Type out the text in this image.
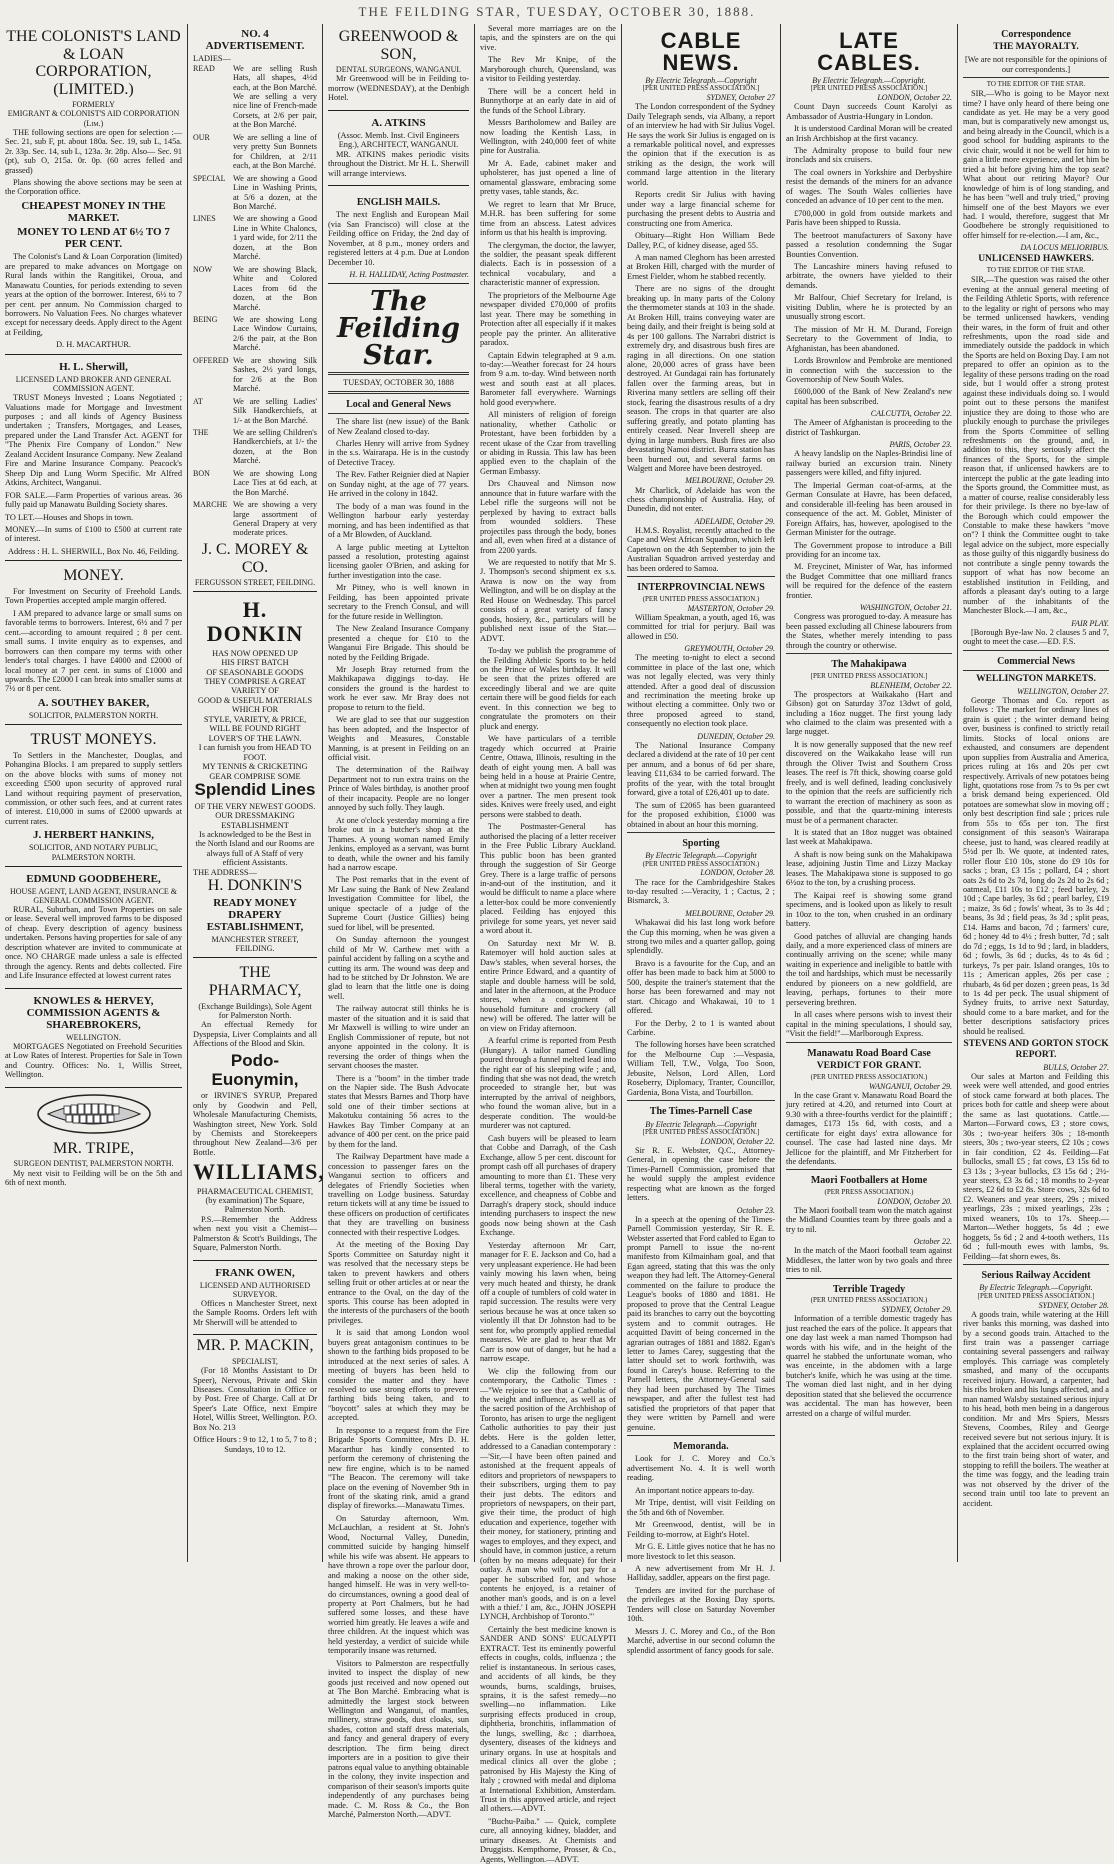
THE FEILDING STAR, TUESDAY, OCTOBER 30, 1888.
THE COLONIST'S LAND & LOAN CORPORATION, (LIMITED.)
FORMERLY
EMIGRANT & COLONIST'S AID CORPORATION (Lim.)

THE following sections are open for selection :— Sec. 21, sub F, pt. about 180a. Sec. 19, sub L, 145a. 2r. 33p. Sec. 14, sub L, 123a. 3r. 28p. Also— Sec. 91 (pt), sub O, 215a. 0r. 0p. (60 acres felled and grassed)

Plans showing the above sections may be seen at the Corporation office.

CHEAPEST MONEY IN THE MARKET.
MONEY TO LEND AT 6½ TO 7 PER CENT.

The Colonist's Land & Loan Corporation (limited) are prepared to make advances on Mortgage on Rural lands within the Rangitikei, Oroua, and Manawatu Counties, for periods extending to seven years at the option of the borrower. Interest, 6½ to 7 per cent. per annum. No Commission charged to borrowers. No Valuation Fees. No charges whatever except for necessary deeds. Apply direct to the Agent at Feilding,

D. H. MACARTHUR.
H. L. Sherwill,
LICENSED LAND BROKER AND GENERAL COMMISSION AGENT.

TRUST Moneys Invested ; Loans Negotiated ; Valuations made for Mortgage and Investment purposes ; and all kinds of Agency Business undertaken ; Transfers, Mortgages, and Leases, prepared under the Land Transfer Act. AGENT for "The Phenix Fire Company of London." New Zealand Accident Insurance Company. New Zealand Fire and Marine Insurance Company. Peacock's Sheep Dip and Lung Worm Specific. Mr Alfred Atkins, Architect, Wanganui.

FOR SALE.—Farm Properties of various areas. 36 fully paid up Manawatu Building Society shares.

TO LET.—Houses and Shops in town.

MONEY.—In sums of £100 to £500 at current rate of interest.

Address : H. L. SHERWILL, Box No. 46, Feilding.
MONEY.

For Investment on Security of Freehold Lands. Town Properties accepted ample margin offered.

I AM prepared to advance large or small sums on favorable terms to borrowers. Interest, 6½ and 7 per cent.—according to amount required ; 8 per cent. small sums. I invite enquiry as to expenses, and borrowers can then compare my terms with other lender's total charges. I have £4000 and £2000 of local money at 7 per cent. in sums of £1000 and upwards. The £2000 I can break into smaller sums at 7½ or 8 per cent.

A. SOUTHEY BAKER,
SOLICITOR, PALMERSTON NORTH.
TRUST MONEYS.

To Settlers in the Manchester, Douglas, and Pohangina Blocks. I am prepared to supply settlers on the above blocks with sums of money not exceeding £500 upon security of approved rural Land without requiring payment of preservation, commission, or other such fees, and at current rates of interest. £10,000 in sums of £2000 upwards at current rates.

J. HERBERT HANKINS,
SOLICITOR, AND NOTARY PUBLIC, PALMERSTON NORTH.
EDMUND GOODBEHERE,
HOUSE AGENT, LAND AGENT, INSURANCE & GENERAL COMMISSION AGENT.

RURAL, Suburban, and Town Properties on sale or lease. Several well improved farms to be disposed of cheap. Every description of agency business undertaken. Persons having properties for sale of any description whatever are invited to communicate at once. NO CHARGE made unless a sale is effected through the agency. Rents and debts collected. Fire and Life Insurance effected at lowest current rates

KNOWLES & HERVEY, COMMISSION AGENTS & SHAREBROKERS,
WELLINGTON.

MORTGAGES Negotiated on Freehold Securities at Low Rates of Interest. Properties for Sale in Town and Country. Offices: No. 1, Willis Street, Wellington.

MR. TRIPE,
SURGEON DENTIST, PALMERSTON NORTH.

My next visit to Feilding will be on the 5th and 6th of next month.

NO. 4 ADVERTISEMENT.
LADIES—
READ	We are selling Rush Hats, all shapes, 4½d each, at the Bon Marché. We are selling a very nice line of French-made Corsets, at 2/6 per pair, at the Bon Marché.
OUR	We are selling a line of very pretty Sun Bonnets for Children, at 2/11 each, at the Bon Marché.
SPECIAL We are showing a Good Line in Washing Prints, at 5/6 a dozen, at the Bon Marché.
LINES	We are showing a Good Line in White Chaloncs, 1 yard wide, for 2/11 the dozen, at the Bon Marché.
NOW	We are showing Black, White and Colored Laces from 6d the dozen, at the Bon Marché.
BEING	We are showing Long Lace Window Curtains, 2/6 the pair, at the Bon Marché.
OFFERED We are showing Silk Sashes, 2½ yard longs, for 2/6 at the Bon Marché.
AT	We are selling Ladies' Silk Handkerchiefs, at 1/- at the Bon Marché.
THE	We are selling Children's Handkerchiefs, at 1/- the dozen, at the Bon Marché.
BON	We are showing Long Lace Ties at 6d each, at the Bon Marché.
MARCHE We are showing a very large assortment of General Drapery at very moderate prices.
J. C. MOREY & CO.
FERGUSSON STREET, FEILDING.
H. DONKIN
HAS NOW OPENED UP
HIS FIRST BATCH
OF SEASONABLE GOODS
THEY COMPRISE A GREAT
VARIETY OF
GOOD & USEFUL MATERIALS
WHICH FOR
STYLE, VARIETY, & PRICE,
WILL BE FOUND RIGHT
LOVER'S OF THE LAWN.
I can furnish you from HEAD TO FOOT.
MY TENNIS & CRICKETING
GEAR COMPRISE SOME
Splendid Lines
OF THE VERY NEWEST GOODS.
OUR DRESSMAKING ESTABLISHMENT
Is acknowledged to be the Best in the North Island and our Rooms are always full of A Staff of very efficient Assistants.
THE ADDRESS—
H. DONKIN'S
READY MONEY DRAPERY ESTABLISHMENT,
MANCHESTER STREET, FEILDING.
THE PHARMACY,
(Exchange Buildings), Sole Agent for Palmerston North.

An effectual Remedy for Dyspepsia, Liver Complaints and all Affections of the Blood and Skin.

Podo-Euonymin,

or IRVINE'S SYRUP, Prepared only by Goodwin and Pell, Wholesale Manufacturing Chemists, Washington street, New York. Sold by Chemists and Storekeepers throughout New Zealand—3/6 per Bottle.

WILLIAMS,
PHARMACEUTICAL CHEMIST, (by examination) The Square, Palmerston North.

P.S.—Remember the Address when next you visit a Chemist—Palmerston & Scott's Buildings, The Square, Palmerston North.

FRANK OWEN,
LICENSED AND AUTHORISED SURVEYOR.

Offices n Manchester Street, next the Sample Rooms. Orders left with Mr Sherwill will be attended to

MR. P. MACKIN,
SPECIALIST,

(For 18 Months Assistant to Dr Speer), Nervous, Private and Skin Diseases. Consultation in Office or by Post. Free of Charge. Call at Dr Speer's Late Office, next Empire Hotel, Willis Street, Wellington. P.O. Box No. 213

Office Hours : 9 to 12, 1 to 5, 7 to 8 ; Sundays, 10 to 12.
GREENWOOD & SON,
DENTAL SURGEONS, WANGANUI.

Mr Greenwood will be in Feilding to-morrow (WEDNESDAY), at the Denbigh Hotel.

A. ATKINS
(Assoc. Memb. Inst. Civil Engineers Eng.), ARCHITECT, WANGANUI.

MR. ATKINS makes periodic visits throughout the District. Mr H. L. Sherwill will arrange interviews.

ENGLISH MAILS.

The next English and European Mail (via San Francisco) will close at the Feilding office on Friday, the 2nd day of November, at 8 p.m., money orders and registered letters at 4 p.m. Due at London December 10.

H. H. HALLIDAY, Acting Postmaster.
The Feilding Star.
TUESDAY, OCTOBER 30, 1888
Local and General News

The share list (new issue) of the Bank of New Zealand closed to-day.

Charles Henry will arrive from Sydney in the s.s. Wairarapa. He is in the custody of Detective Tracey.

The Rev. Father Reignier died at Napier on Sunday night, at the age of 77 years. He arrived in the colony in 1842.

The body of a man was found in the Wellington harbour early yesterday morning, and has been indentified as that of a Mr Blowden, of Auckland.

A large public meeting at Lyttelton passed a resolution, protesting against licensing gaoler O'Brien, and asking for further investigation into the case.

Mr Pitney, who is well known in Feilding, has been appointed private secretary to the French Consul, and will for the future reside in Wellington.

The New Zealand Insurance Company presented a cheque for £10 to the Wanganui Fire Brigade. This should be noted by the Feilding Brigade.

Mr Joseph Bray returned from the Makhikapawa diggings to-day. He considers the ground is the hardest to work he ever saw. Mr Bray does not propose to return to the field.

We are glad to see that our suggestion has been adopted, and the Inspector of Weights and Measures, Constable Manning, is at present in Feilding on an official visit.

The determination of the Railway Department not to run extra trains on the Prince of Wales birthday, is another proof of their incapacity. People are no longer annoyed by such folly. They laugh.

At one o'clock yesterday morning a fire broke out in a butcher's shop at the Thames. A young woman named Emily Jenkins, employed as a servant, was burnt to death, while the owner and his family had a narrow escape.

The Post remarks that in the event of Mr Law suing the Bank of New Zealand Investigation Committee for libel, the unique spectacle of a judge of the Supreme Court (Justice Gillies) being sued for libel, will be presented.

On Sunday afternoon the youngest child of Mr W. Carthew met with a painful accident by falling on a scythe and cutting its arm. The wound was deep and had to be stitched by Dr Johnston. We are glad to learn that the little one is doing well.

The railway autocrat still thinks he is master of the situation and it is said that Mr Maxwell is willing to wire under an English Commissioner of repute, but not anyone appointed in the colony. It is reversing the order of things when the servant chooses the master.

There is a "boom" in the timber trade on the Napier side. The Bush Advocate states that Messrs Barnes and Thorp have sold one of their timber sections at Makotuku containing 56 acres to the Hawkes Bay Timber Company at an advance of 400 per cent. on the price paid by them for the land.

The Railway Department have made a concession to passenger fares on the Wanganui section to officers and delegates of Friendly Societies when travelling on Lodge business. Saturday return tickets will at any time be issued to these officers on production of certificates that they are travelling on business connected with their respective Lodges.

At the meeting of the Boxing Day Sports Committee on Saturday night it was resolved that the necessary steps be taken to prevent hawkers and others selling fruit or other articles at or near the entrance to the Oval, on the day of the sports. This course has been adopted in the interests of the purchasers of the booth privileges.

It is said that among London wool buyers great antagonism continues to be shown to the farthing bids proposed to be introduced at the next series of sales. A meeting of buyers has been held to consider the matter and they have resolved to use strong efforts to prevent farthing bids being taken, and to "boycott" sales at which they may be accepted.

In response to a request from the Fire Brigade Sports Committee, Mrs D. H. Macarthur has kindly consented to perform the ceremony of christening the new fire engine, which is to be named "The Beacon. The ceremony will take place on the evening of November 9th in front of the skating rink, amid a grand display of fireworks.—Manawatu Times.

On Saturday afternoon, Wm. McLauchlan, a resident at St. John's Wood, Nocturnal Valley, Dunedin, committed suicide by hanging himself while his wife was absent. He appears to have thrown a rope over the parlour door, and making a noose on the other side, hanged himself. He was in very well-to-do circumstances, owning a good deal of property at Port Chalmers, but he had suffered some losses, and these have worried him greatly. He leaves a wife and three children. At the inquest which was held yesterday, a verdict of suicide while temporarily insane was returned.

Visitors to Palmerston are respectfully invited to inspect the display of new goods just received and now opened out at The Bon Marché. Embracing what is admittedly the largest stock between Wellington and Wanganui, of mantles, millinery, straw goods, dust cloaks, sun shades, cotton and staff dress materials, and fancy and general drapery of every description. The firm being direct importers are in a position to give their patrons equal value to anything obtainable in the colony, they invite inspection and comparison of their season's imports quite independently of any purchases being made. C. M. Ross & Co., the Bon Marché, Palmerston North.—ADVT.

Several more marriages are on the tapis, and the spinsters are on the qui vive.

The Rev Mr Knipe, of the Maryborough church, Queensland, was a visitor to Feilding yesterday.

There will be a concert held in Bunnythorpe at an early date in aid of the funds of the School Library.

Messrs Bartholomew and Bailey are now loading the Kentish Lass, in Wellington, with 240,000 feet of white pine for Australia.

Mr A. Eade, cabinet maker and upholsterer, has just opened a line of ornamental glassware, embracing some pretty vases, table stands, &c.

We regret to learn that Mr Bruce, M.H.R. has been suffering for some time from an abscess. Latest advices inform us that his health is improving.

The clergyman, the doctor, the lawyer, the soldier, the peasant speak different dialects. Each is in possession of a technical vocabulary, and a characteristic manner of expression.

The proprietors of the Melbourne Age newspaper divided £70,000 of profits last year. There may be something in Protection after all especially if it makes people pay the printer. An alliterative paradox.

Captain Edwin telegraphed at 9 a.m. to-day:—Weather forecast for 24 hours from 9 a.m. to-day. Wind between north west and south east at all places. Barometer fall everywhere. Warnings hold good everywhere.

All ministers of religion of foreign nationality, whether Catholic or Protestant, have been forbidden by a recent ukase of the Czar from travelling or abiding in Russia. This law has been applied even to the chaplain of the German Embassy.

Drs Chauveal and Nimson now announce that in future warfare with the Lebel rifle the surgeons will not be perplexed by having to extract balls from wounded soldiers. These projectiles pass through the body, bones and all, even when fired at a distance of from 2200 yards.

We are requested to notify that Mr S. J. Thompson's second shipment ex s.s. Arawa is now on the way from Wellington, and will be on display at the Red House on Wednesday. This parcel consists of a great variety of fancy goods, hosiery, &c., particulars will be published next issue of the Star.—ADVT.

To-day we publish the programme of the Feilding Athletic Sports to be held on the Prince of Wales birthday. It will be seen that the prizes offered are exceedingly liberal and we are quite certain there will be good fields for each event. In this connection we beg to congratulate the promoters on their pluck and energy.

We have particulars of a terrible tragedy which occurred at Prairie Centre, Ottawa, Illinois, resulting in the death of eight young men. A ball was being held in a house at Prairie Centre, when at midnight two young men fought over a partner. The men present took sides. Knives were freely used, and eight persons were stabbed to death.

The Postmaster-General has authorised the placing of a letter receiver in the Free Public Library Auckland. This public boon has been granted through the suggestion of Sir George Grey. There is a large traffic of persons in-and-out of the institution, and it would be difficult to name a place where a letter-box could be more conveniently placed. Feilding has enjoyed this privilege for some years, yet never said a word about it.

On Saturday next Mr W. B. Ratemoyer will hold auction sales at Daw's stables, when several horses, the entire Prince Edward, and a quantity of staple and double harness will be sold, and later in the afternoon, at the Produce stores, when a consignment of household furniture and crockery (all new) will be offered. The latter will be on view on Friday afternoon.

A fearful crime is reported from Pesth (Hungary). A tailor named Gundling poured through a funnel melted lead into the right ear of his sleeping wife ; and, finding that she was not dead, the wretch proceeded to strangle her, but was interrupted by the arrival of neighbors, who found the woman alive, but in a desperate condition. The would-be murderer was not captured.

Cash buyers will be pleased to learn that Cobbe and Darragh, of the Cash Exchange, allow 5 per cent. discount for prompt cash off all purchases of drapery amounting to more than £1. These very liberal terms, together with the variety, excellence, and cheapness of Cobbe and Darragh's drapery stock, should induce intending purchasers to inspect the new goods now being shown at the Cash Exchange.

Yesterday afternoon Mr Carr, manager for F. E. Jackson and Co, had a very unpleasant experience. He had been vainly mowing his lawn when, being very much heated and thirsty, he drank off a couple of tumblers of cold water in rapid succession. The results were very serious because he was at once taken so violently ill that Dr Johnston had to be sent for, who promptly applied remedial measures. We are glad to hear that Mr Carr is now out of danger, but he had a narrow escape.

We clip the following from our contemporary, the Catholic Times :—"We rejoice to see that a Catholic of the weight and influence, as well as of the sacred position of the Archbishop of Toronto, has arisen to urge the negligent Catholic authorities to pay their just debts. Here is the golden letter, addressed to a Canadian contemporary :—'Sir,—I have been often pained and astonished at the frequent appeals of editors and proprietors of newspapers to their subscribers, urging them to pay their just debts. The editors and proprietors of newspapers, on their part, give their time, the product of high education and experience, together with their money, for stationery, printing and wages to employes, and they expect, and should have, in common justice, a return (often by no means adequate) for their outlay. A man who will not pay for a paper he subscribed for, and whose contents he enjoyed, is a retainer of another man's goods, and is on a level with a thief.' I am, &c., JOHN JOSEPH LYNCH, Archbishop of Toronto.'"

Certainly the best medicine known is SANDER AND SONS' EUCALYPTI EXTRACT. Test its eminently powerful effects in coughs, colds, influenza ; the relief is instantaneous. In serious cases, and accidents of all kinds, be they wounds, burns, scaldings, bruises, sprains, it is the safest remedy—no swelling—no inflammation. Like surprising effects produced in croup, diphtheria, bronchitis, inflammation of the lungs, swelling, &c ; diarrhoea, dysentery, diseases of the kidneys and urinary organs. In use at hospitals and medical clinics all over the globe ; patronised by His Majesty the King of Italy ; crowned with medal and diploma at International Exhibition, Amsterdam. Trust in this approved article, and reject all others.—ADVT.

"Buchu-Paiba." — Quick, complete cure, all annoying kidney, bladder, and urinary diseases. At Chemists and Druggists. Kempthorne, Prosser, & Co., Agents, Wellington.—ADVT.

CABLE NEWS.
By Electric Telegraph.—Copyright
[PER UNITED PRESS ASSOCIATION.]
SYDNEY, October 27

The London correspondent of the Sydney Daily Telegraph sends, via Albany, a report of an interview he had with Sir Julius Vogel. He says the work Sir Julius is engaged on is a remarkable political novel, and expresses the opinion that if the execution is as striking as the design, the work will command large attention in the literary world.

Reports credit Sir Julius with having under way a large financial scheme for purchasing the present debts to Austria and constructing one from America.

Obituary—Right Hon William Bede Dalley, P.C, of kidney disease, aged 55.

A man named Cleghorn has been arrested at Broken Hill, charged with the murder of Ernest Fielder, whom he stabbed recently.

There are no signs of the drought breaking up. In many parts of the Colony the thermometer stands at 103 in the shade. At Broken Hill, trains conveying water are being daily, and their freight is being sold at 4s per 100 gallons. The Narrabri district is extremely dry, and disastrous bush fires are raging in all directions. On one station alone, 20,000 acres of grass have been destroyed. At Gundagai rain has fortunately fallen over the farming areas, but in Riverina many settlers are selling off their stock, fearing the disastrous results of a dry season. The crops in that quarter are also suffering greatly, and potato planting has entirely ceased. Near Inverell sheep are dying in large numbers. Bush fires are also devastating Namoi district. Burra station has been burned out, and several farms on Walgett and Moree have been destroyed.

MELBOURNE, October 29.

Mr Charlick, of Adelaide has won the chess championship of Australia. Hay, of Dunedin, did not enter.

ADELAIDE, October 29.

H.M.S. Royalist, recently attached to the Cape and West African Squadron, which left Capetown on the 4th September to join the Australian Squadron arrived yesterday and has been ordered to Samoa.

INTERPROVINCIAL NEWS
(PER UNITED PRESS ASSOCIATION.)
MASTERTON, October 29.

William Speakman, a youth, aged 16, was committed for trial for perjury. Bail was allowed in £50.

GREYMOUTH, October 29.

The meeting to-night to elect a second committee in place of the last one, which was not legally elected, was very thinly attended. After a good deal of discussion and recrimination the meeting broke up without electing a committee. Only two or three proposed agreed to stand, consequently no election took place.

DUNEDIN, October 29.

The National Insurance Company declared a dividend at the rate of 10 per cent per annum, and a bonus of 6d per share, leaving £11,634 to be carried forward. The profits of the year, with the total brought forward, give a total of £26,401 up to date.

The sum of £2065 has been guaranteed for the proposed exhibition, £1000 was obtained in about an hour this morning.

Sporting
By Electric Telegraph.—Copyright
(PER UNITED PRESS ASSOCIATION.)
LONDON, October 28.

The race for the Cambridgeshire Stakes to-day resulted :—Veracity, 1 ; Cactus, 2 ; Bismarck, 3.

MELBOURNE, October 29.

Whakawai did his last long work before the Cup this morning, when he was given a strong two miles and a quarter gallop, going splendidly.

Bravo is a favourite for the Cup, and an offer has been made to back him at 5000 to 500, despite the trainer's statement that the horse has been forewarned and may not start. Chicago and Whakawai, 10 to 1 offered.

For the Derby, 2 to 1 is wanted about Carbine.

The following horses have been scratched for the Melbourne Cup :—Vespasia, William Tell, T.W., Volga, Too Soon, Jebusite, Nelson, Lord Allen, Lord Roseberry, Diplomacy, Tranter, Councillor, Gardenia, Bona Vista, and Tourbillon.

The Times-Parnell Case
By Electric Telegraph.—Copyright
[PER UNITED PRESS ASSOCIATION.]
LONDON, October 22.

Sir R. E. Webster, Q.C., Attorney-General, in opening the case before the Times-Parnell Commission, promised that he would supply the amplest evidence respecting what are known as the forged letters.

October 23.

In a speech at the opening of the Times-Parnell Commission yesterday, Sir R. E. Webster asserted that Ford cabled to Egan to prompt Parnell to issue the no-rent manifesto from Kilmainham goal, and that Egan agreed, stating that this was the only weapon they had left. The Attorney-General commented on the failure to produce the League's books of 1880 and 1881. He proposed to prove that the Central League paid its branches to carry out the boycotting system and to commit outrages. He acquitted Davitt of being concerned in the agrarian outrages of 1881 and 1882. Egan's letter to James Carey, suggesting that the latter should set to work forthwith, was found in Carey's house. Referring to the Parnell letters, the Attorney-General said they had been purchased by The Times newspaper, and after the fullest test had satisfied the proprietors of that paper that they were written by Parnell and were genuine.

Memoranda.

Look for J. C. Morey and Co.'s advertisement No. 4. It is well worth reading.

An important notice appears to-day.

Mr Tripe, dentist, will visit Feilding on the 5th and 6th of November.

Mr Greenwood, dentist, will be in Feilding to-morrow, at Eight's Hotel.

Mr G. E. Little gives notice that he has no more livestock to let this season.

A new advertisement from Mr H. J. Halliday, saddler, appears on the first page.

Tenders are invited for the purchase of the privileges at the Boxing Day sports. Tenders will close on Saturday November 10th.

Messrs J. C. Morey and Co., of the Bon Marché, advertise in our second column the splendid assortment of fancy goods for sale.

LATE CABLES.
By Electric Telegraph.—Copyright.
[PER UNITED PRESS ASSOCIATION.]
LONDON, October 22.

Count Dayn succeeds Count Karolyi as Ambassador of Austria-Hungary in London.

It is understood Cardinal Moran will be created an Irish Archbishop at the first vacancy.

The Admiralty propose to build four new ironclads and six cruisers.

The coal owners in Yorkshire and Derbyshire resist the demands of the miners for an advance of wages. The South Wales collieries have conceded an advance of 10 per cent to the men.

£700,000 in gold from outside markets and Paris have been shipped to Russia.

The beetroot manufacturers of Saxony have passed a resolution condemning the Sugar Bounties Convention.

The Lancashire miners having refused to arbitrate, the owners have yielded to their demands.

Mr Balfour, Chief Secretary for Ireland, is visiting Dublin, where he is protected by an unusually strong escort.

The mission of Mr H. M. Durand, Foreign Secretary to the Government of India, to Afghanistan, has been abandoned.

Lords Brownlow and Pembroke are mentioned in connection with the succession to the Governorship of New South Wales.

£600,000 of the Bank of New Zealand's new capital has been subscribed.

CALCUTTA, October 22.

The Ameer of Afghanistan is proceeding to the district of Tashkurgan.

PARIS, October 23.

A heavy landslip on the Naples-Brindisi line of railway buried an excursion train. Ninety passengers were killed, and fifty injured.

The Imperial German coat-of-arms, at the German Consulate at Havre, has been defaced, and considerable ill-feeling has been aroused in consequence of the act. M. Goblet, Minister of Foreign Affairs, has, however, apologised to the German Minister for the outrage.

The Government propose to introduce a Bill providing for an income tax.

M. Freycinet, Minister of War, has informed the Budget Committee that one milliard francs will be required for the defence of the eastern frontier.

WASHINGTON, October 21.

Congress was prorogued to-day. A measure has been passed excluding all Chinese labourers from the States, whether merely intending to pass through the country or otherwise.

The Mahakipawa
[PER UNITED PRESS ASSOCIATION.]
BLENHEIM, October 22.

The prospectors at Waikakaho (Hart and Gibson) got on Saturday 37oz 13dwt of gold, including a 16oz nugget. The first young lady who claimed to the claim was presented with a large nugget.

It is now generally supposed that the new reef discovered on the Waikakaho lease will run through the Oliver Twist and Southern Cross leases. The reef is 7ft thick, showing coarse gold freely, and is well defined, leading conclusively to the opinion that the reefs are sufficiently rich to warrant the erection of machinery as soon as possible, and that the quartz-mining interests must be of a permanent character.

It is stated that an 18oz nugget was obtained last week at Mahakipawa.

A shaft is now being sunk on the Mahakipawa lease, adjoining Justin Time and Lizzy Mackay leases. The Mahakipawa stone is supposed to go 6½oz to the ton, by a crushing process.

The Kaipai reef is showing some grand specimens, and is looked upon as likely to result in 10oz to the ton, when crushed in an ordinary battery.

Good patches of alluvial are changing hands daily, and a more experienced class of miners are continually arriving on the scene; while many waiting in experience and ineligible to battle with the toil and hardships, which must be necessarily endured by pioneers on a new goldfield, are leaving, perhaps, fortunes to their more persevering brethren.

In all cases where persons wish to invest their capital in the mining speculations, I should say, "Visit the field!"—Marlborough Express.

Manawatu Road Board Case
VERDICT FOR GRANT.
(PER UNITED PRESS ASSOCIATION.)
WANGANUI, October 29.

In the case Grant v. Manawatu Road Board the jury retired at 4.20, and returned into Court at 9.30 with a three-fourths verdict for the plaintiff ; damages, £173 15s 6d, with costs, and a certificate for eight days' extra allowance for counsel. The case had lasted nine days. Mr Jellicoe for the plaintiff, and Mr Fitzherbert for the defendants.

Maori Footballers at Home
(PER PRESS ASSOCIATION.)
LONDON, October 20.

The Maori football team won the match against the Midland Counties team by three goals and a try to nil.

October 22.

In the match of the Maori football team against Middlesex, the latter won by two goals and three tries to nil.

Terrible Tragedy
(PER UNITED PRESS ASSOCIATION.)
SYDNEY, October 29.

Information of a terrible domestic tragedy has just reached the ears of the police. It appears that one day last week a man named Thompson had words with his wife, and in the height of the quarrel he stabbed the unfortunate woman, who was enceinte, in the abdomen with a large butcher's knife, which he was using at the time. The woman died last night, and in her dying deposition stated that she believed the occurrence was accidental. The man has however, been arrested on a charge of wilful murder.

Correspondence
THE MAYORALTY.
[We are not responsible for the opinions of our correspondents.]
TO THE EDITOR OF THE STAR.

SIR,—Who is going to be Mayor next time? I have only heard of there being one candidate as yet. He may be a very good man, but is comparatively new amongst us, and being already in the Council, which is a good school for budding aspirants to the civic chair, would it not be well for him to gain a little more experience, and let him be tried a bit before giving him the top seat? What about our retiring Mayor? Our knowledge of him is of long standing, and he has been "well and truly tried," proving himself one of the best Mayors we ever had. I would, therefore, suggest that Mr Goodbehere be strongly requisitioned to offer himself for re-election.—I am, &c.,

DA LOCUS MELIORIBUS.
UNLICENSED HAWKERS.
TO THE EDITOR OF THE STAR.

SIR,—The question was raised the other evening at the annual general meeting of the Feilding Athletic Sports, with reference to the legality or right of persons who may be termed unlicensed hawkers, vending their wares, in the form of fruit and other refreshments, upon the road side and immediately outside the paddock in which the Sports are held on Boxing Day. I am not prepared to offer an opinion as to the legality of these persons trading on the road side, but I would offer a strong protest against these individuals doing so. I would point out to these persons the manifest injustice they are doing to those who are pluckily enough to purchase the privileges from the Sports Committee of selling refreshments on the ground, and, in addition to this, they seriously affect the finances of the Sports, for the simple reason that, if unlicensed hawkers are to intercept the public at the gate leading into the Sports ground, the Committee must, as a matter of course, realise considerably less for their privilege. Is there no bye-law of the Borough which could empower the Constable to make these hawkers "move on"? I think the Committee ought to take legal advice on the subject, more especially as those guilty of this niggardly business do not contribute a single penny towards the support of what has now become an established institution in Feilding, and affords a pleasant day's outing to a large number of the inhabitants of the Manchester Block.—I am, &c.,

FAIR PLAY.

[Borough Bye-law No. 2 clauses 5 and 7, ought to meet the case.—ED. F.S.

Commercial News
WELLINGTON MARKETS.
WELLINGTON, October 27.

George Thomas and Co. report as follows : The market for ordinary lines of grain is quiet ; the winter demand being over, business is confined to strictly retail limits. Stocks of local onions are exhausted, and consumers are dependent upon supplies from Australia and America, prices ruling at 16s and 20s per cwt respectively. Arrivals of new potatoes being light, quotations rose from 7s to 9s per cwt a brisk demand being experienced. Old potatoes are somewhat slow in moving off ; only best description find sale ; prices rule from 55s to 65s per ton. The first consignment of this season's Wairarapa cheese, just to hand, was cleared readily at 5½d per lb. We quote, at indented rates, roller flour £10 10s, stone do £9 10s for sacks ; bran, £3 15s ; pollard, £4 ; short oats 2s 6d to 2s 7d, long do 2s 2d to 2s 6d ; oatmeal, £11 10s to £12 ; feed barley, 2s 10d ; Cape barley, 3s 6d ; pearl barley, £19 ; maize, 3s 6d ; fowls' wheat, 3s to 3s 4d ; beans, 3s 3d ; field peas, 3s 3d ; split peas, £14. Hams and bacon, 7d ; farmers' cure, 6d ; honey 4d to 4½ ; fresh butter, 7d ; salt do 7d ; eggs, 1s 1d to 9d ; lard, in bladders, 6d ; fowls, 3s 6d ; ducks, 4s to 4s 6d ; turkeys, 7s per pair. Island oranges, 10s to 11s ; American apples, 26s per case ; rhubarb, 4s 6d per dozen ; green peas, 1s 3d to 1s 4d per peck. The usual shipment of Sydney fruits, to arrive next Saturday, should come to a bare market, and for the better descriptions satisfactory prices should be realised.

STEVENS AND GORTON STOCK REPORT.
BULLS, October 27.

Our sales at Marton and Feilding this week were well attended, and good entries of stock came forward at both places. The prices both for cattle and sheep were about the same as last quotations. Cattle.—Marton—Forward cows, £3 ; store cows, 30s ; two-year heifers 30s ; 18-month steers, 30s ; two-year steers, £2 10s ; cows in fair condition, £2 4s. Feilding—Fat bullocks, small £5 ; fat cows, £3 15s 6d to £3 13s ; 3-year bullocks, £3 15s 6d ; 2½-year steers, £3 3s 6d ; 18 months to 2-year steers, £2 6d to £2 8s. Store cows, 32s 6d to £2. Weaners and year steers, 29s ; mixed yearlings, 23s ; mixed yearlings, 23s ; mixed weaners, 10s to 17s. Sheep.—Marton—Wether hoggets, 5s 4d ; ewe hoggets, 5s 6d ; 2 and 4-tooth wethers, 11s 6d ; full-mouth ewes with lambs, 9s. Feilding—fat shorn ewes, 8s.

Serious Railway Accident
By Electric Telegraph.—Copyright.
[PER UNITED PRESS ASSOCIATION.]
SYDNEY, October 28.

A goods train, while watering at the Hill river banks this morning, was dashed into by a second goods train. Attached to the first train was a passenger carriage containing several passengers and railway employés. This carriage was completely smashed, and many of the occupants received injury. Howard, a carpenter, had his ribs broken and his lungs affected, and a man named Walsby sustained serious injury to his head, both men being in a dangerous condition. Mr and Mrs Spiers, Messrs Stevens, Coombes, Riley and George received severe but not serious injury. It is explained that the accident occurred owing to the first train being short of water, and stopping to refill the boilers. The weather at the time was foggy, and the leading train was not observed by the driver of the second train until too late to prevent an accident.
